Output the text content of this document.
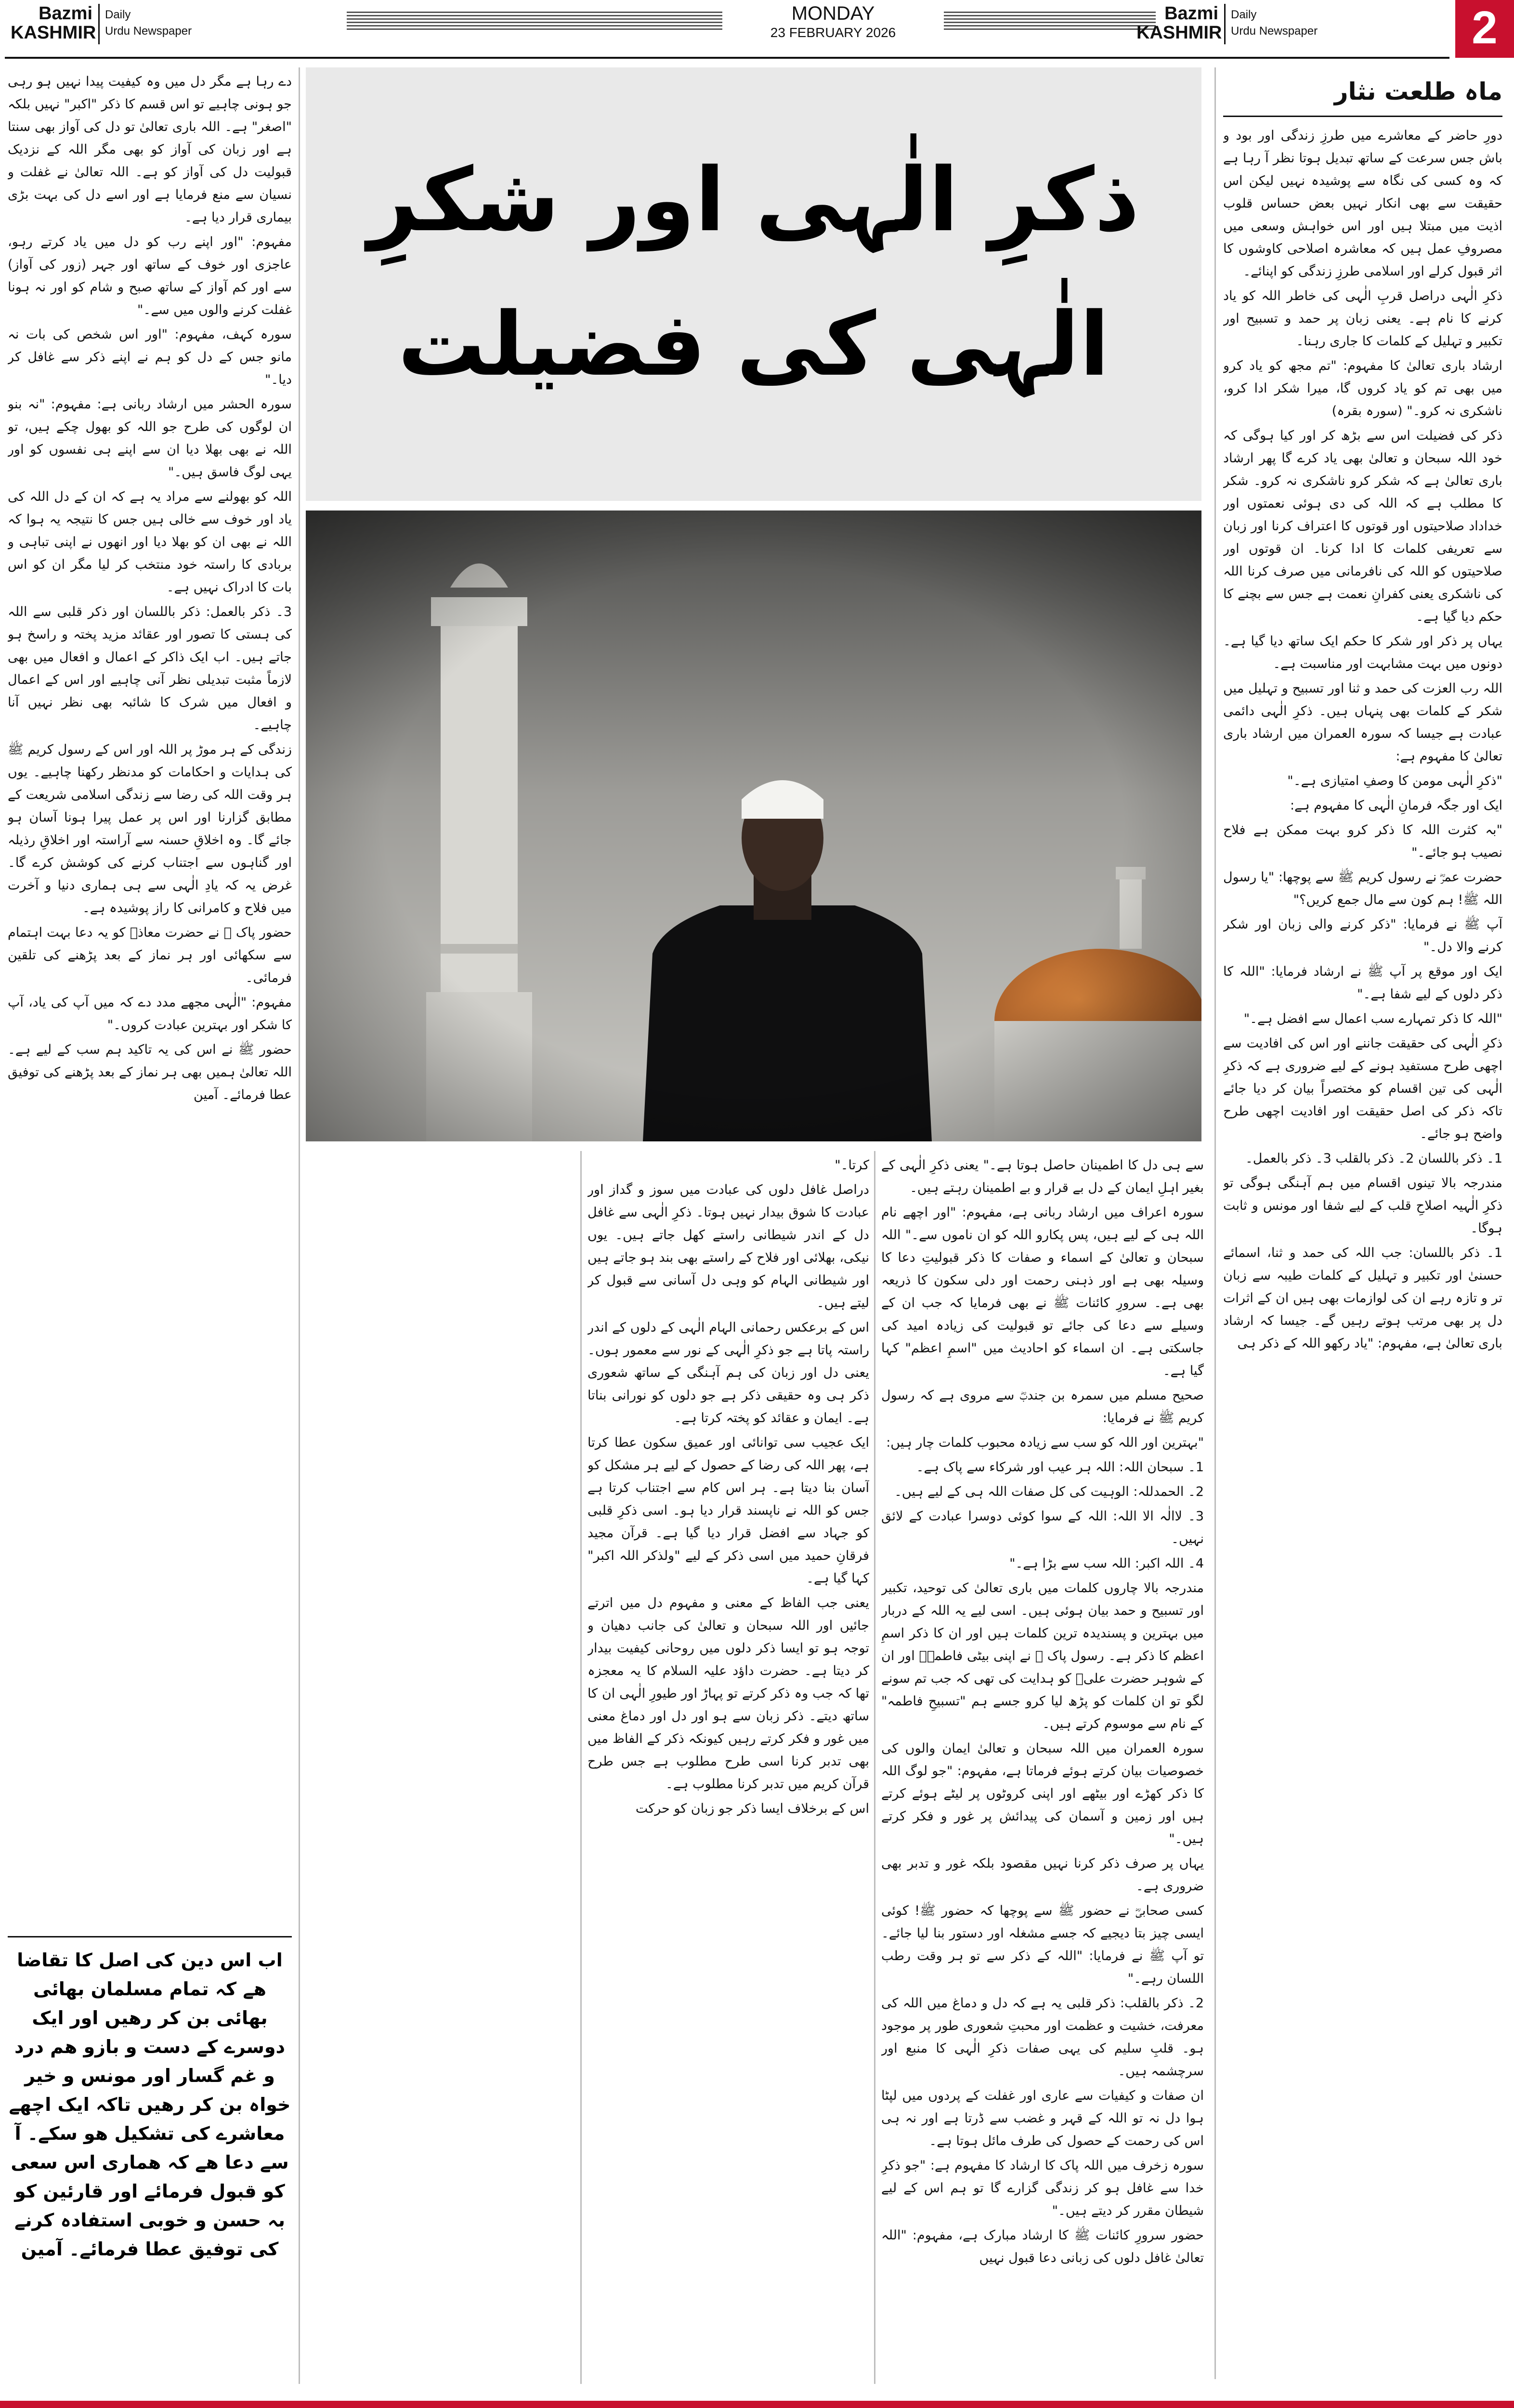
Bazmi
KASHMIR
Daily
Urdu Newspaper
MONDAY
23 FEBRUARY 2026
Bazmi
KASHMIR
Daily
Urdu Newspaper	2
ماہ طلعت نثار

دورِ حاضر کے معاشرے میں طرزِ زندگی اور بود و باش جس سرعت کے ساتھ تبدیل ہوتا نظر آ رہا ہے کہ وہ کسی کی نگاہ سے پوشیدہ نہیں لیکن اس حقیقت سے بھی انکار نہیں بعض حساس قلوب اذیت میں مبتلا ہیں اور اس خواہش وسعی میں مصروفِ عمل ہیں کہ معاشرہ اصلاحی کاوشوں کا اثر قبول کرلے اور اسلامی طرزِ زندگی کو اپنائے۔

ذکرِ الٰہی دراصل قربِ الٰہی کی خاطر اللہ کو یاد کرنے کا نام ہے۔ یعنی زبان پر حمد و تسبیح اور تکبیر و تہلیل کے کلمات کا جاری رہنا۔

ارشاد باری تعالیٰ کا مفہوم: "تم مجھ کو یاد کرو میں بھی تم کو یاد کروں گا، میرا شکر ادا کرو، ناشکری نہ کرو۔" (سورہ بقرہ)

ذکر کی فضیلت اس سے بڑھ کر اور کیا ہوگی کہ خود اللہ سبحان و تعالیٰ بھی یاد کرے گا پھر ارشاد باری تعالیٰ ہے کہ شکر کرو ناشکری نہ کرو۔ شکر کا مطلب ہے کہ اللہ کی دی ہوئی نعمتوں اور خداداد صلاحیتوں اور قوتوں کا اعتراف کرنا اور زبان سے تعریفی کلمات کا ادا کرنا۔ ان قوتوں اور صلاحیتوں کو اللہ کی نافرمانی میں صرف کرنا اللہ کی ناشکری یعنی کفرانِ نعمت ہے جس سے بچنے کا حکم دیا گیا ہے۔

یہاں پر ذکر اور شکر کا حکم ایک ساتھ دیا گیا ہے۔ دونوں میں بہت مشابہت اور مناسبت ہے۔

اللہ رب العزت کی حمد و ثنا اور تسبیح و تہلیل میں شکر کے کلمات بھی پنہاں ہیں۔ ذکرِ الٰہی دائمی عبادت ہے جیسا کہ سورہ العمران میں ارشاد باری تعالیٰ کا مفہوم ہے:

"ذکرِ الٰہی مومن کا وصفِ امتیازی ہے۔"

ایک اور جگہ فرمانِ الٰہی کا مفہوم ہے:

"بہ کثرت اللہ کا ذکر کرو بہت ممکن ہے فلاح نصیب ہو جائے۔"

حضرت عمرؓ نے رسول کریم ﷺ سے پوچھا: "یا رسول اللہ ﷺ! ہم کون سے مال جمع کریں؟"

آپ ﷺ نے فرمایا: "ذکر کرنے والی زبان اور شکر کرنے والا دل۔"

ایک اور موقع پر آپ ﷺ نے ارشاد فرمایا: "اللہ کا ذکر دلوں کے لیے شفا ہے۔"

"اللہ کا ذکر تمہارے سب اعمال سے افضل ہے۔"

ذکرِ الٰہی کی حقیقت جاننے اور اس کی افادیت سے اچھی طرح مستفید ہونے کے لیے ضروری ہے کہ ذکرِ الٰہی کی تین اقسام کو مختصراً بیان کر دیا جائے تاکہ ذکر کی اصل حقیقت اور افادیت اچھی طرح واضح ہو جائے۔

1۔ ذکر باللسان 2۔ ذکر بالقلب 3۔ ذکر بالعمل۔

مندرجہ بالا تینوں اقسام میں ہم آہنگی ہوگی تو ذکرِ الٰہیہ اصلاحِ قلب کے لیے شفا اور مونس و ثابت ہوگا۔

1۔ ذکر باللسان: جب اللہ کی حمد و ثنا، اسمائے حسنیٰ اور تکبیر و تہلیل کے کلمات طیبہ سے زبان تر و تازہ رہے ان کی لوازمات بھی ہیں ان کے اثرات دل پر بھی مرتب ہوتے رہیں گے۔ جیسا کہ ارشاد باری تعالیٰ ہے، مفہوم: "یاد رکھو اللہ کے ذکر ہی

ذکرِ الٰہی اور شکرِ
الٰہی کی فضیلت

سے ہی دل کا اطمینان حاصل ہوتا ہے۔" یعنی ذکرِ الٰہی کے بغیر اہلِ ایمان کے دل بے قرار و بے اطمینان رہتے ہیں۔

سورہ اعراف میں ارشاد ربانی ہے، مفہوم: "اور اچھے نام اللہ ہی کے لیے ہیں، پس پکارو اللہ کو ان ناموں سے۔" اللہ سبحان و تعالیٰ کے اسماء و صفات کا ذکر قبولیتِ دعا کا وسیلہ بھی ہے اور ذہنی رحمت اور دلی سکون کا ذریعہ بھی ہے۔ سرورِ کائنات ﷺ نے بھی فرمایا کہ جب ان کے وسیلے سے دعا کی جائے تو قبولیت کی زیادہ امید کی جاسکتی ہے۔ ان اسماء کو احادیث میں "اسمِ اعظم" کہا گیا ہے۔

صحیح مسلم میں سمرہ بن جندبؓ سے مروی ہے کہ رسول کریم ﷺ نے فرمایا:

"بہترین اور اللہ کو سب سے زیادہ محبوب کلمات چار ہیں:

1۔ سبحان اللہ: اللہ ہر عیب اور شرکاء سے پاک ہے۔

2۔ الحمدللہ: الوہیت کی کل صفات اللہ ہی کے لیے ہیں۔

3۔ لاالٰہ الا اللہ: اللہ کے سوا کوئی دوسرا عبادت کے لائق نہیں۔

4۔ اللہ اکبر: اللہ سب سے بڑا ہے۔"

مندرجہ بالا چاروں کلمات میں باری تعالیٰ کی توحید، تکبیر اور تسبیح و حمد بیان ہوئی ہیں۔ اسی لیے یہ اللہ کے دربار میں بہترین و پسندیدہ ترین کلمات ہیں اور ان کا ذکر اسمِ اعظم کا ذکر ہے۔ رسول پاک ﷺ نے اپنی بیٹی فاطمہؓ اور ان کے شوہر حضرت علیؓ کو ہدایت کی تھی کہ جب تم سونے لگو تو ان کلمات کو پڑھ لیا کرو جسے ہم "تسبیحِ فاطمہ" کے نام سے موسوم کرتے ہیں۔

سورہ العمران میں اللہ سبحان و تعالیٰ ایمان والوں کی خصوصیات بیان کرتے ہوئے فرماتا ہے، مفہوم: "جو لوگ اللہ کا ذکر کھڑے اور بیٹھے اور اپنی کروٹوں پر لیٹے ہوئے کرتے ہیں اور زمین و آسمان کی پیدائش پر غور و فکر کرتے ہیں۔"

یہاں پر صرف ذکر کرنا نہیں مقصود بلکہ غور و تدبر بھی ضروری ہے۔

کسی صحابیؓ نے حضور ﷺ سے پوچھا کہ حضور ﷺ! کوئی ایسی چیز بتا دیجیے کہ جسے مشغلہ اور دستور بنا لیا جائے۔ تو آپ ﷺ نے فرمایا: "اللہ کے ذکر سے تو ہر وقت رطب اللسان رہے۔"

2۔ ذکر بالقلب: ذکر قلبی یہ ہے کہ دل و دماغ میں اللہ کی معرفت، خشیت و عظمت اور محبتِ شعوری طور پر موجود ہو۔ قلبِ سلیم کی یہی صفات ذکرِ الٰہی کا منبع اور سرچشمہ ہیں۔

ان صفات و کیفیات سے عاری اور غفلت کے پردوں میں لپٹا ہوا دل نہ تو اللہ کے قہر و غضب سے ڈرتا ہے اور نہ ہی اس کی رحمت کے حصول کی طرف مائل ہوتا ہے۔

سورہ زخرف میں اللہ پاک کا ارشاد کا مفہوم ہے: "جو ذکرِ خدا سے غافل ہو کر زندگی گزارے گا تو ہم اس کے لیے شیطان مقرر کر دیتے ہیں۔"

حضور سرورِ کائنات ﷺ کا ارشاد مبارک ہے، مفہوم: "اللہ تعالیٰ غافل دلوں کی زبانی دعا قبول نہیں

کرتا۔"

دراصل غافل دلوں کی عبادت میں سوز و گداز اور عبادت کا شوق بیدار نہیں ہوتا۔ ذکرِ الٰہی سے غافل دل کے اندر شیطانی راستے کھل جاتے ہیں۔ یوں نیکی، بھلائی اور فلاح کے راستے بھی بند ہو جاتے ہیں اور شیطانی الہام کو وہی دل آسانی سے قبول کر لیتے ہیں۔

اس کے برعکس رحمانی الہام الٰہی کے دلوں کے اندر راستہ پاتا ہے جو ذکرِ الٰہی کے نور سے معمور ہوں۔ یعنی دل اور زبان کی ہم آہنگی کے ساتھ شعوری ذکر ہی وہ حقیقی ذکر ہے جو دلوں کو نورانی بناتا ہے۔ ایمان و عقائد کو پختہ کرتا ہے۔

ایک عجیب سی توانائی اور عمیق سکون عطا کرتا ہے، پھر اللہ کی رضا کے حصول کے لیے ہر مشکل کو آسان بنا دیتا ہے۔ ہر اس کام سے اجتناب کرتا ہے جس کو اللہ نے ناپسند قرار دیا ہو۔ اسی ذکرِ قلبی کو جہاد سے افضل قرار دیا گیا ہے۔ قرآن مجید فرقانِ حمید میں اسی ذکر کے لیے "ولذکر اللہ اکبر" کہا گیا ہے۔

یعنی جب الفاظ کے معنی و مفہوم دل میں اترتے جائیں اور اللہ سبحان و تعالیٰ کی جانب دھیان و توجہ ہو تو ایسا ذکر دلوں میں روحانی کیفیت بیدار کر دیتا ہے۔ حضرت داؤد علیہ السلام کا یہ معجزہ تھا کہ جب وہ ذکر کرتے تو پہاڑ اور طیورِ الٰہی ان کا ساتھ دیتے۔ ذکر زبان سے ہو اور دل اور دماغ معنی میں غور و فکر کرتے رہیں کیونکہ ذکر کے الفاظ میں بھی تدبر کرنا اسی طرح مطلوب ہے جس طرح قرآن کریم میں تدبر کرنا مطلوب ہے۔

اس کے برخلاف ایسا ذکر جو زبان کو حرکت

دے رہا ہے مگر دل میں وہ کیفیت پیدا نہیں ہو رہی جو ہونی چاہیے تو اس قسم کا ذکر "اکبر" نہیں بلکہ "اصغر" ہے۔ اللہ باری تعالیٰ تو دل کی آواز بھی سنتا ہے اور زبان کی آواز کو بھی مگر اللہ کے نزدیک قبولیت دل کی آواز کو ہے۔ اللہ تعالیٰ نے غفلت و نسیان سے منع فرمایا ہے اور اسے دل کی بہت بڑی بیماری قرار دیا ہے۔

مفہوم: "اور اپنے رب کو دل میں یاد کرتے رہو، عاجزی اور خوف کے ساتھ اور جہر (زور کی آواز) سے اور کم آواز کے ساتھ صبح و شام کو اور نہ ہونا غفلت کرنے والوں میں سے۔"

سورہ کہف، مفہوم: "اور اس شخص کی بات نہ مانو جس کے دل کو ہم نے اپنے ذکر سے غافل کر دیا۔"

سورہ الحشر میں ارشاد ربانی ہے: مفہوم: "نہ بنو ان لوگوں کی طرح جو اللہ کو بھول چکے ہیں، تو اللہ نے بھی بھلا دیا ان سے اپنے ہی نفسوں کو اور یہی لوگ فاسق ہیں۔"

اللہ کو بھولنے سے مراد یہ ہے کہ ان کے دل اللہ کی یاد اور خوف سے خالی ہیں جس کا نتیجہ یہ ہوا کہ اللہ نے بھی ان کو بھلا دیا اور انھوں نے اپنی تباہی و بربادی کا راستہ خود منتخب کر لیا مگر ان کو اس بات کا ادراک نہیں ہے۔

3۔ ذکر بالعمل: ذکر باللسان اور ذکر قلبی سے اللہ کی ہستی کا تصور اور عقائد مزید پختہ و راسخ ہو جاتے ہیں۔ اب ایک ذاکر کے اعمال و افعال میں بھی لازماً مثبت تبدیلی نظر آنی چاہیے اور اس کے اعمال و افعال میں شرک کا شائبہ بھی نظر نہیں آنا چاہیے۔

زندگی کے ہر موڑ پر اللہ اور اس کے رسول کریم ﷺ کی ہدایات و احکامات کو مدنظر رکھنا چاہیے۔ یوں ہر وقت اللہ کی رضا سے زندگی اسلامی شریعت کے مطابق گزارنا اور اس پر عمل پیرا ہونا آسان ہو جائے گا۔ وہ اخلاقِ حسنہ سے آراستہ اور اخلاقِ رذیلہ اور گناہوں سے اجتناب کرنے کی کوشش کرے گا۔ غرض یہ کہ یادِ الٰہی سے ہی ہماری دنیا و آخرت میں فلاح و کامرانی کا راز پوشیدہ ہے۔

حضور پاک ﷺ نے حضرت معاذؓ کو یہ دعا بہت اہتمام سے سکھائی اور ہر نماز کے بعد پڑھنے کی تلقین فرمائی۔

مفہوم: "الٰہی مجھے مدد دے کہ میں آپ کی یاد، آپ کا شکر اور بہترین عبادت کروں۔"

حضور ﷺ نے اس کی یہ تاکید ہم سب کے لیے ہے۔ اللہ تعالیٰ ہمیں بھی ہر نماز کے بعد پڑھنے کی توفیق عطا فرمائے۔ آمین

اب اس دین کی اصل کا تقاضا ھے کہ تمام مسلمان بھائی بھائی بن کر رھیں اور ایک دوسرے کے دست و بازو ھم درد و غم گسار اور مونس و خیر خواہ بن کر رھیں تاکہ ایک اچھے معاشرے کی تشکیل ھو سکے۔ آ سے دعا ھے کہ ھماری اس سعی کو قبول فرمائے اور قارئین کو بہ حسن و خوبی استفادہ کرنے کی توفیق عطا فرمائے۔ آمین
